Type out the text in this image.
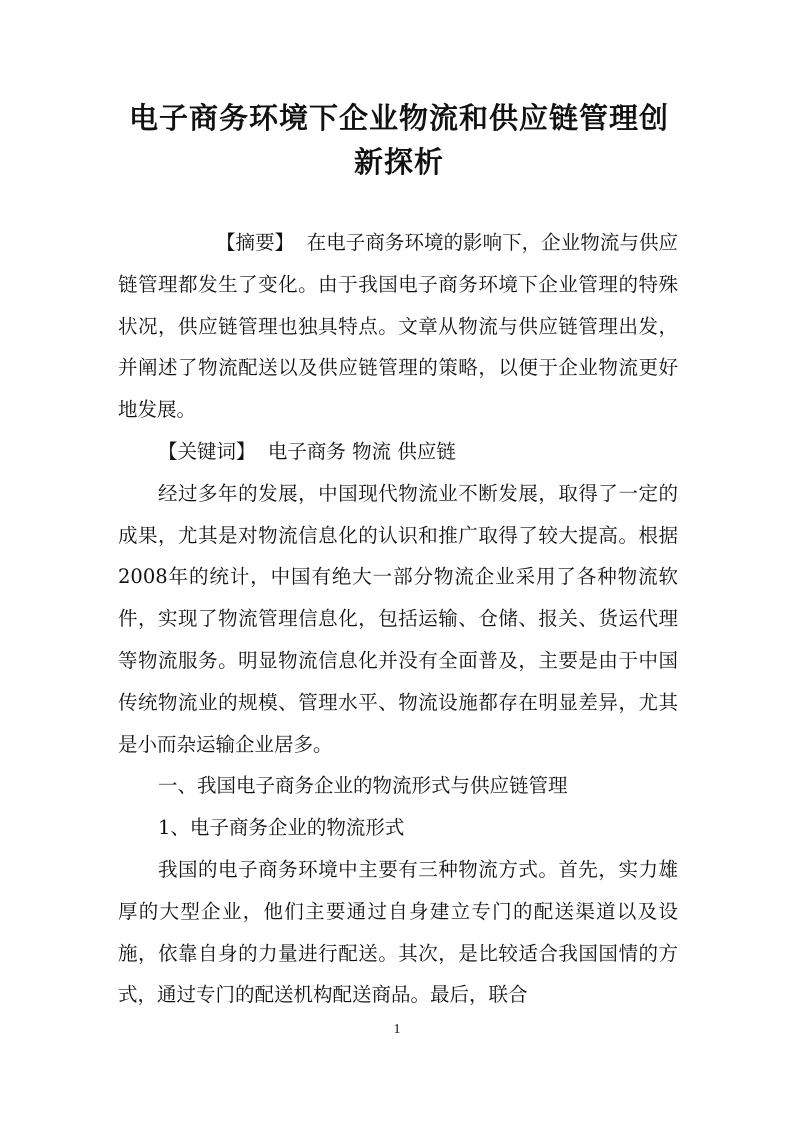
电子商务环境下企业物流和供应链管理创新探析

【摘要】 在电子商务环境的影响下，企业物流与供应链管理都发生了变化。由于我国电子商务环境下企业管理的特殊状况，供应链管理也独具特点。文章从物流与供应链管理出发，并阐述了物流配送以及供应链管理的策略，以便于企业物流更好地发展。

【关键词】 电子商务 物流 供应链

经过多年的发展，中国现代物流业不断发展，取得了一定的成果，尤其是对物流信息化的认识和推广取得了较大提高。根据2008年的统计，中国有绝大一部分物流企业采用了各种物流软件，实现了物流管理信息化，包括运输、仓储、报关、货运代理等物流服务。明显物流信息化并没有全面普及，主要是由于中国传统物流业的规模、管理水平、物流设施都存在明显差异，尤其是小而杂运输企业居多。

一、我国电子商务企业的物流形式与供应链管理

1、电子商务企业的物流形式

我国的电子商务环境中主要有三种物流方式。首先，实力雄厚的大型企业，他们主要通过自身建立专门的配送渠道以及设施，依靠自身的力量进行配送。其次，是比较适合我国国情的方式，通过专门的配送机构配送商品。最后，联合

1
